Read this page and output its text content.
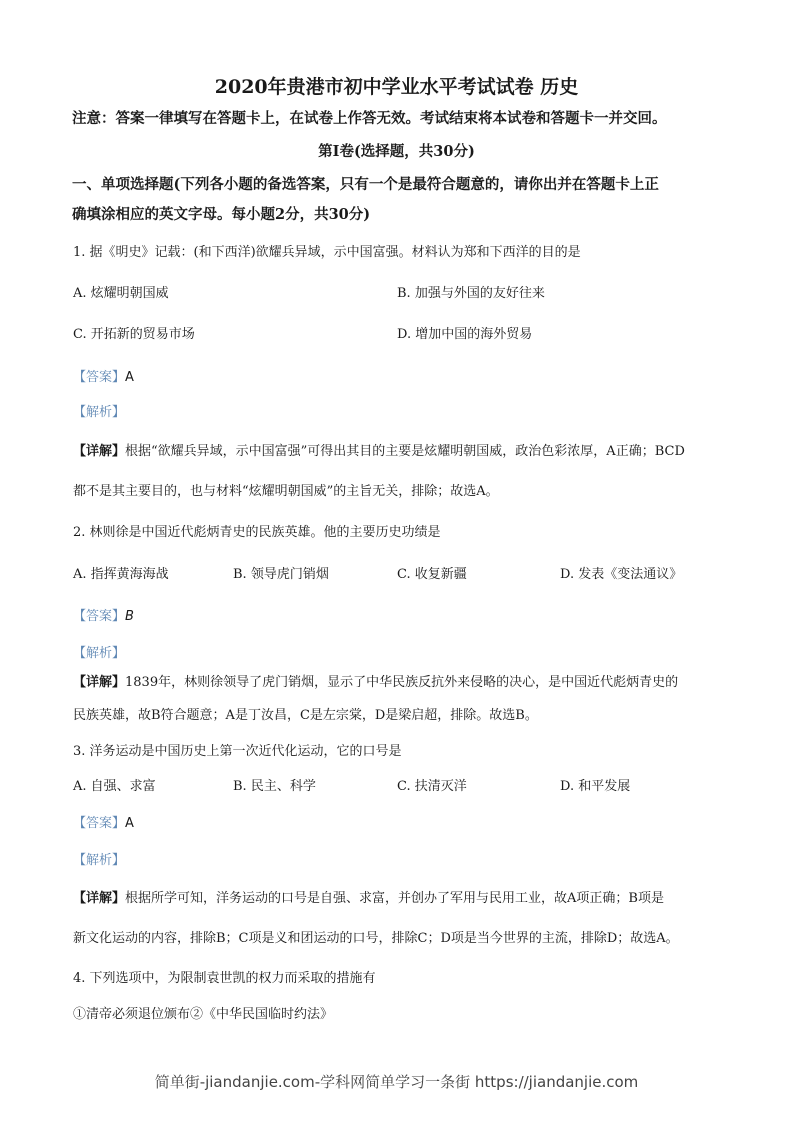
2020年贵港市初中学业水平考试试卷 历史
注意：答案一律填写在答题卡上，在试卷上作答无效。考试结束将本试卷和答题卡一并交回。
第Ⅰ卷(选择题，共30分)
一、单项选择题(下列各小题的备选答案，只有一个是最符合题意的，请你出并在答题卡上正
确填涂相应的英文字母。每小题2分，共30分)
1. 据《明史》记载：(和下西洋)欲耀兵异域，示中国富强。材料认为郑和下西洋的目的是
A. 炫耀明朝国威	B. 加强与外国的友好往来
C. 开拓新的贸易市场	D. 增加中国的海外贸易
【答案】A
【解析】
【详解】根据“欲耀兵异域，示中国富强”可得出其目的主要是炫耀明朝国威，政治色彩浓厚，A正确；BCD
都不是其主要目的，也与材料“炫耀明朝国威”的主旨无关，排除；故选A。
2. 林则徐是中国近代彪炳青史的民族英雄。他的主要历史功绩是
A. 指挥黄海海战	B. 领导虎门销烟	C. 收复新疆	D. 发表《变法通议》
【答案】B
【解析】
【详解】1839年，林则徐领导了虎门销烟，显示了中华民族反抗外来侵略的决心，是中国近代彪炳青史的
民族英雄，故B符合题意；A是丁汝昌，C是左宗棠，D是梁启超，排除。故选B。
3. 洋务运动是中国历史上第一次近代化运动，它的口号是
A. 自强、求富	B. 民主、科学	C. 扶清灭洋	D. 和平发展
【答案】A
【解析】
【详解】根据所学可知，洋务运动的口号是自强、求富，并创办了军用与民用工业，故A项正确；B项是
新文化运动的内容，排除B；C项是义和团运动的口号，排除C；D项是当今世界的主流，排除D；故选A。
4. 下列选项中，为限制袁世凯的权力而采取的措施有
①清帝必须退位颁布②《中华民国临时约法》
简单街-jiandanjie.com-学科网简单学习一条街 https://jiandanjie.com
